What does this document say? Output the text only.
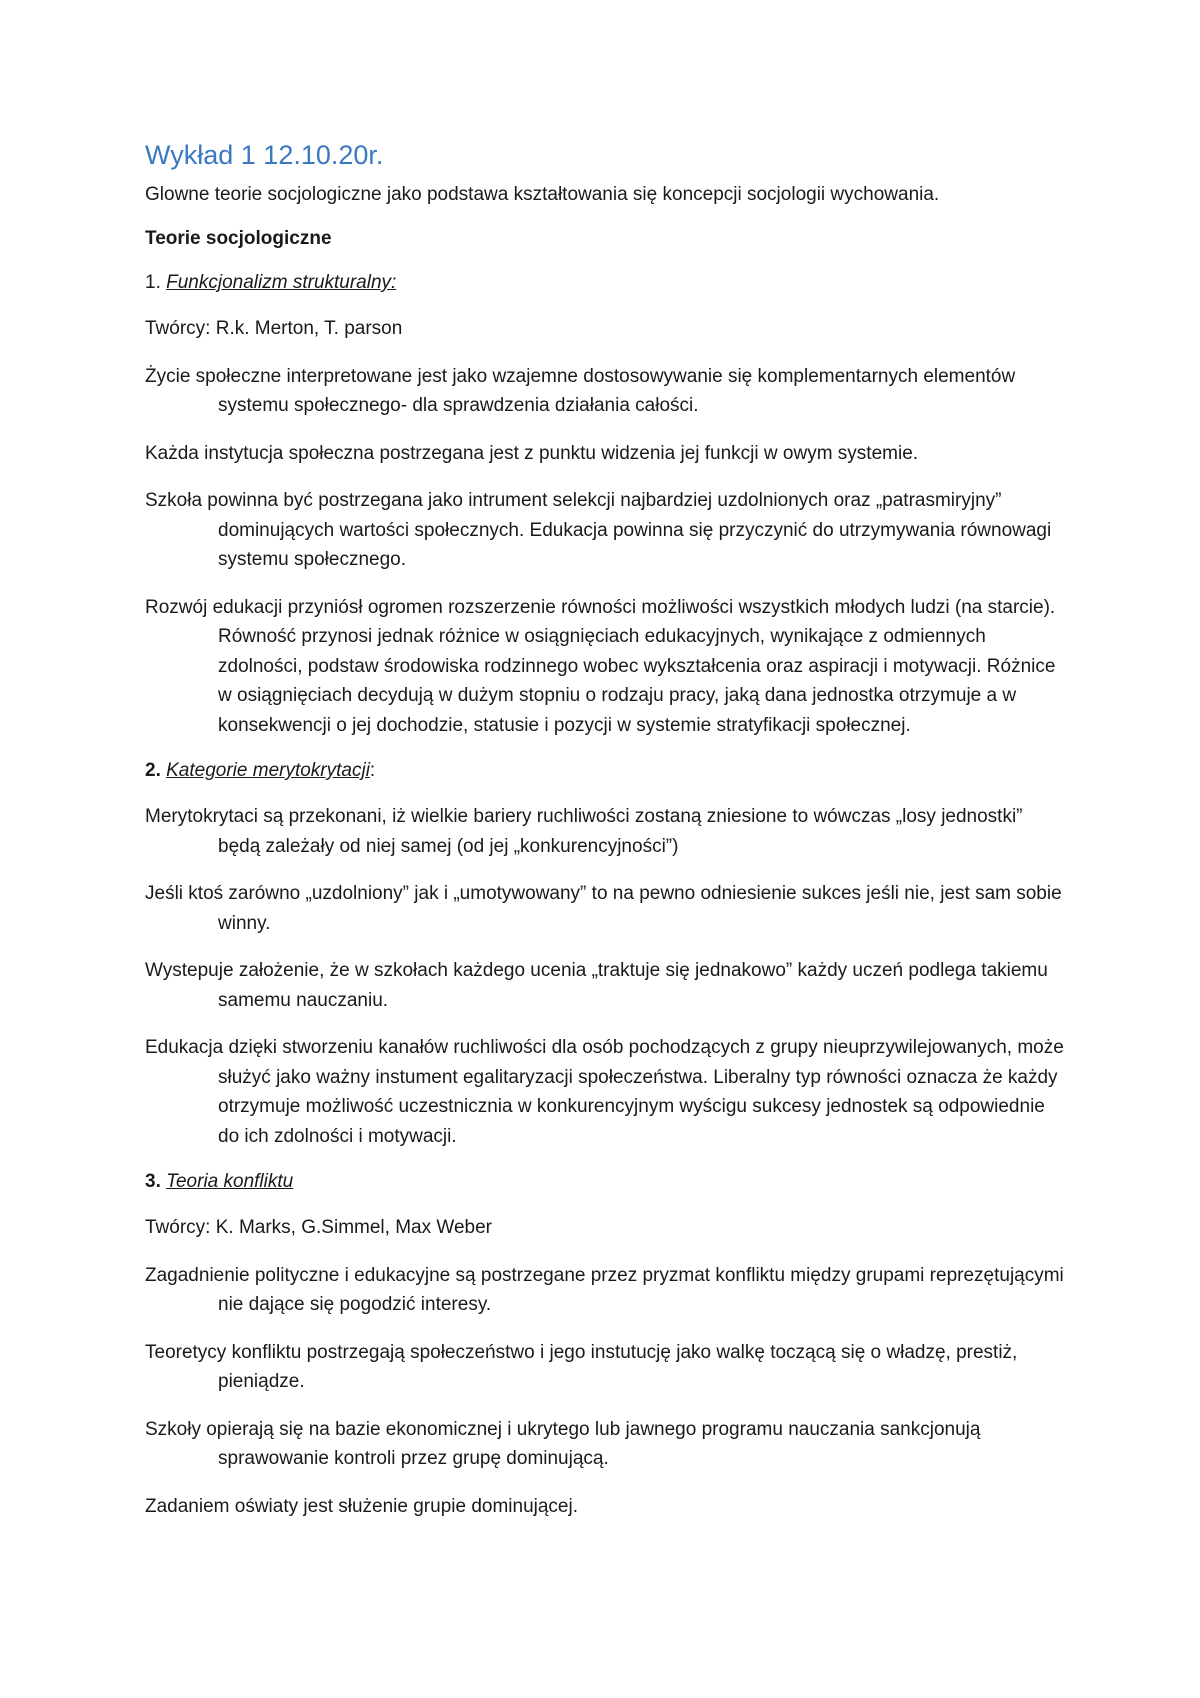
Wykład 1 12.10.20r.

Glowne teorie socjologiczne jako podstawa kształtowania się koncepcji socjologii wychowania.

Teorie socjologiczne

1. Funkcjonalizm strukturalny:

Twórcy: R.k. Merton, T. parson

Życie społeczne interpretowane jest jako wzajemne dostosowywanie się komplementarnych elementów systemu społecznego- dla sprawdzenia działania całości.

Każda instytucja społeczna postrzegana jest z punktu widzenia jej funkcji w owym systemie.

Szkoła powinna być postrzegana jako intrument selekcji najbardziej uzdolnionych oraz „patrasmiryjny” dominujących wartości społecznych. Edukacja powinna się przyczynić do utrzymywania równowagi systemu społecznego.

Rozwój edukacji przyniósł ogromen rozszerzenie równości możliwości wszystkich młodych ludzi (na starcie). Równość przynosi jednak różnice w osiągnięciach edukacyjnych, wynikające z odmiennych zdolności, podstaw środowiska rodzinnego wobec wykształcenia oraz aspiracji i motywacji. Różnice w osiągnięciach decydują w dużym stopniu o rodzaju pracy, jaką dana jednostka otrzymuje a w konsekwencji o jej dochodzie, statusie i pozycji w systemie stratyfikacji społecznej.

2. Kategorie merytokrytacji:

Merytokrytaci są przekonani, iż wielkie bariery ruchliwości zostaną zniesione to wówczas „losy jednostki” będą zależały od niej samej (od jej „konkurencyjności”)

Jeśli ktoś zarówno „uzdolniony” jak i „umotywowany” to na pewno odniesienie sukces jeśli nie, jest sam sobie winny.

Wystepuje założenie, że w szkołach każdego ucenia „traktuje się jednakowo” każdy uczeń podlega takiemu samemu nauczaniu.

Edukacja dzięki stworzeniu kanałów ruchliwości dla osób pochodzących z grupy nieuprzywilejowanych, może służyć jako ważny instument egalitaryzacji społeczeństwa. Liberalny typ równości oznacza że każdy otrzymuje możliwość uczestnicznia w konkurencyjnym wyścigu sukcesy jednostek są odpowiednie do ich zdolności i motywacji.

3. Teoria konfliktu

Twórcy: K. Marks, G.Simmel, Max Weber

Zagadnienie polityczne i edukacyjne są postrzegane przez pryzmat konfliktu między grupami reprezętującymi nie dające się pogodzić interesy.

Teoretycy konfliktu postrzegają społeczeństwo i jego instutucję jako walkę toczącą się o władzę, prestiż, pieniądze.

Szkoły opierają się na bazie ekonomicznej i ukrytego lub jawnego programu nauczania sankcjonują sprawowanie kontroli przez grupę dominującą.

Zadaniem oświaty jest służenie grupie dominującej.
